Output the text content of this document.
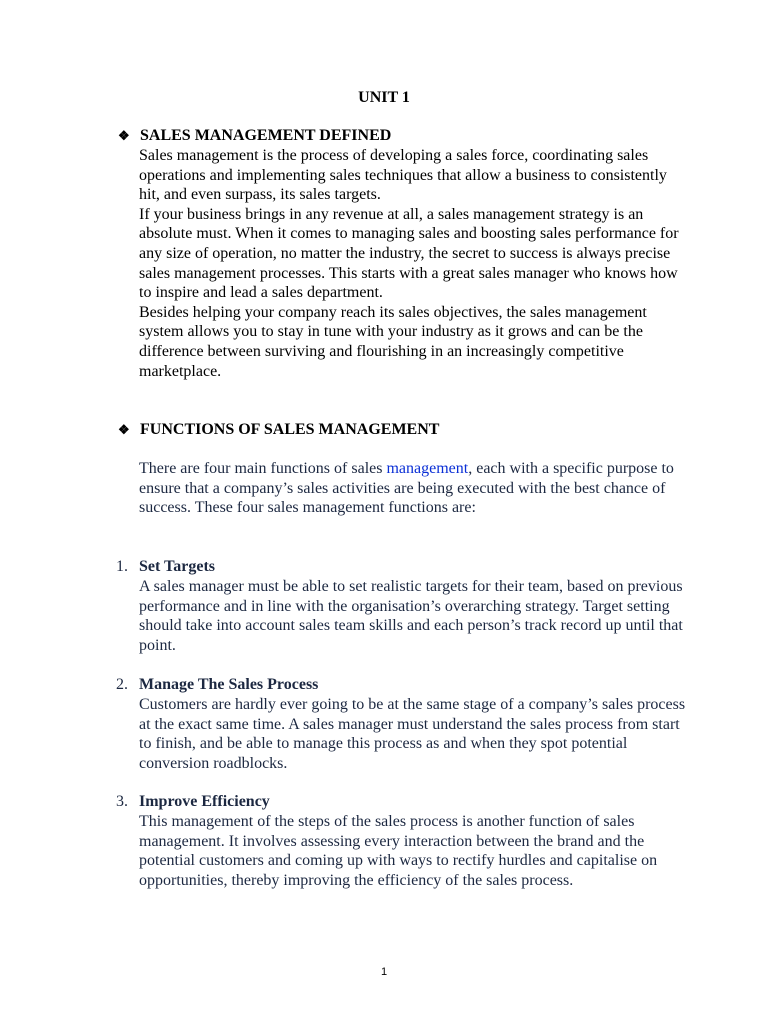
UNIT 1
❖ SALES MANAGEMENT DEFINED

Sales management is the process of developing a sales force, coordinating sales operations and implementing sales techniques that allow a business to consistently hit, and even surpass, its sales targets.

If your business brings in any revenue at all, a sales management strategy is an absolute must. When it comes to managing sales and boosting sales performance for any size of operation, no matter the industry, the secret to success is always precise sales management processes. This starts with a great sales manager who knows how to inspire and lead a sales department.

Besides helping your company reach its sales objectives, the sales management system allows you to stay in tune with your industry as it grows and can be the difference between surviving and flourishing in an increasingly competitive marketplace.

❖ FUNCTIONS OF SALES MANAGEMENT

There are four main functions of sales management, each with a specific purpose to ensure that a company’s sales activities are being executed with the best chance of success. These four sales management functions are:

1. Set Targets

A sales manager must be able to set realistic targets for their team, based on previous performance and in line with the organisation’s overarching strategy. Target setting should take into account sales team skills and each person’s track record up until that point.

2. Manage The Sales Process

Customers are hardly ever going to be at the same stage of a company’s sales process at the exact same time. A sales manager must understand the sales process from start to finish, and be able to manage this process as and when they spot potential conversion roadblocks.

3. Improve Efficiency

This management of the steps of the sales process is another function of sales management. It involves assessing every interaction between the brand and the potential customers and coming up with ways to rectify hurdles and capitalise on opportunities, thereby improving the efficiency of the sales process.

1
